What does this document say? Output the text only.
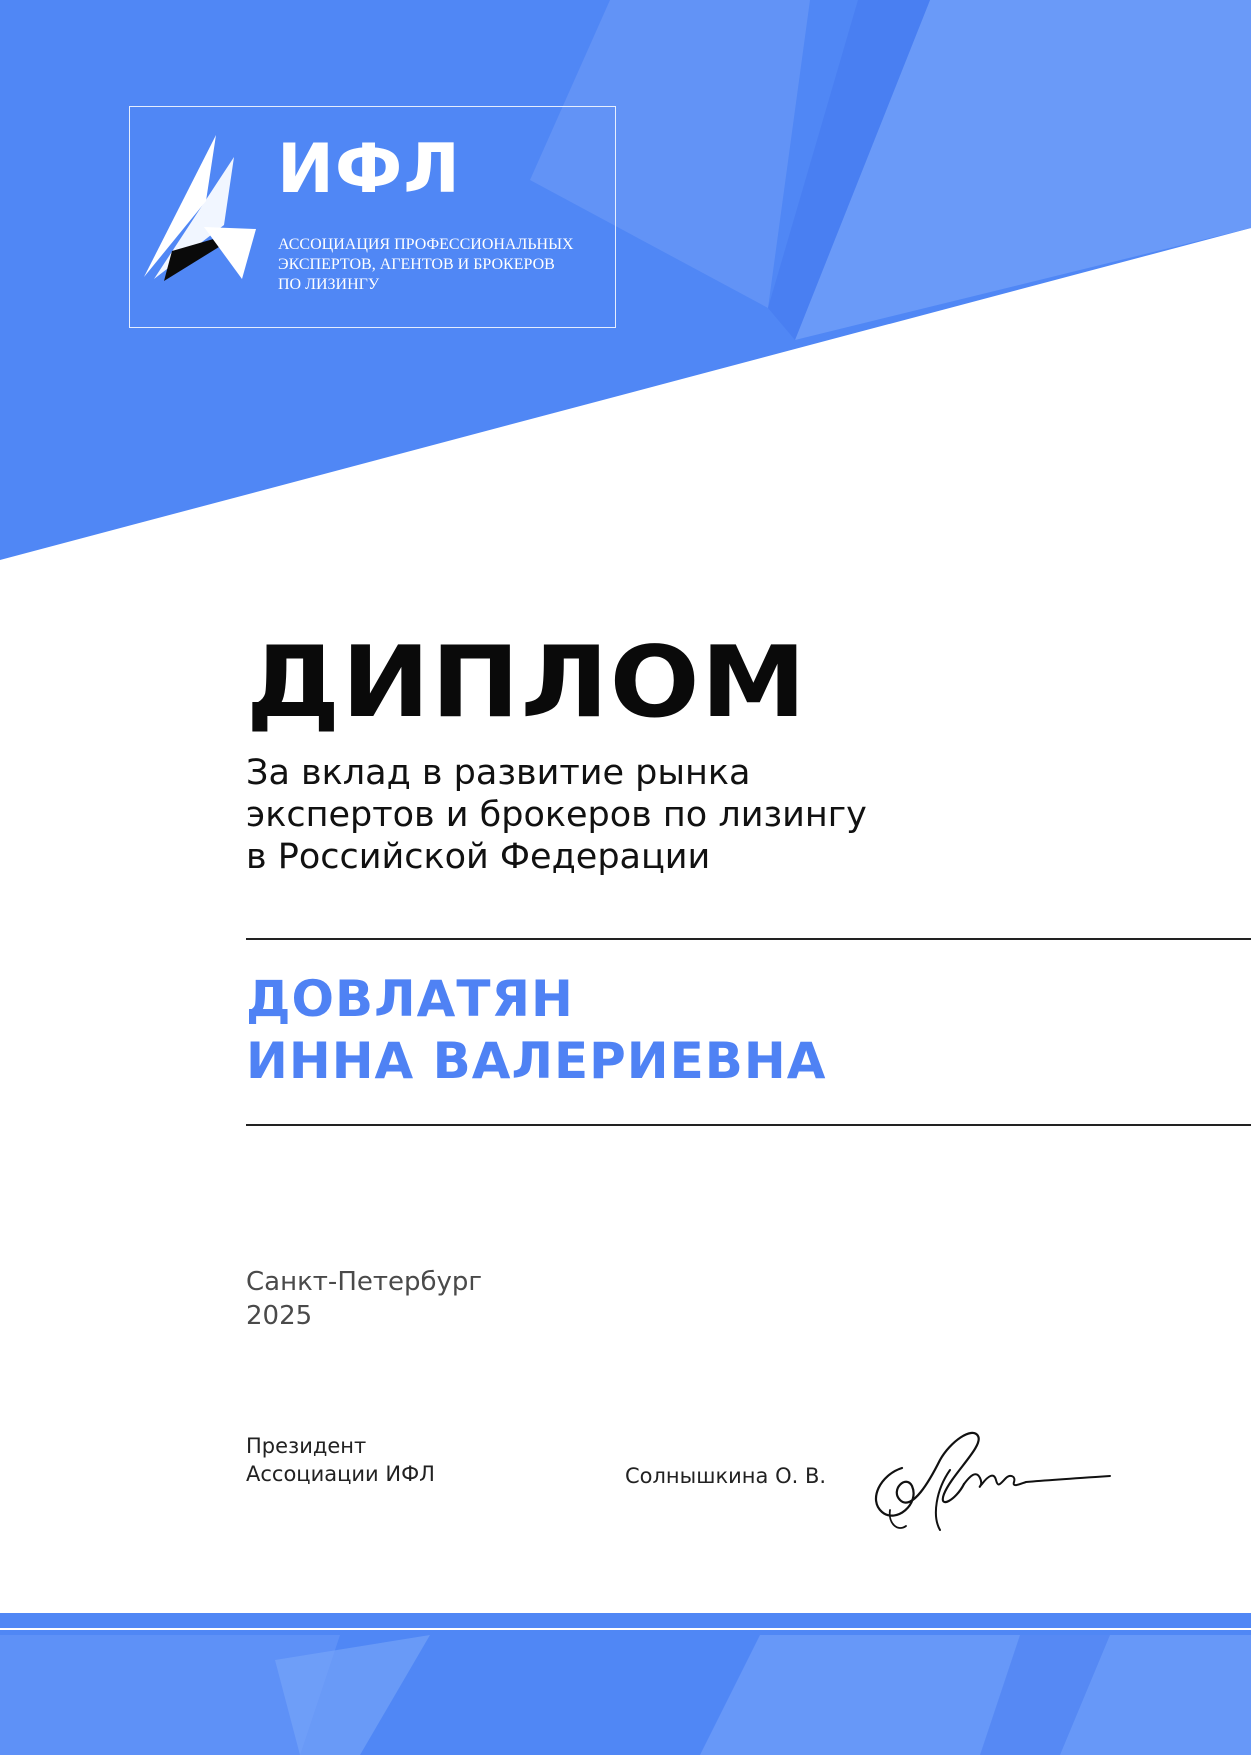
ИФЛ
АССОЦИАЦИЯ ПРОФЕССИОНАЛЬНЫХ
ЭКСПЕРТОВ, АГЕНТОВ И БРОКЕРОВ
ПО ЛИЗИНГУ
ДИПЛОМ
За вклад в развитие рынка
экспертов и брокеров по лизингу
в Российской Федерации
ДОВЛАТЯН
ИННА ВАЛЕРИЕВНА
Санкт-Петербург
2025
Президент
Ассоциации ИФЛ	Солнышкина О. В.
